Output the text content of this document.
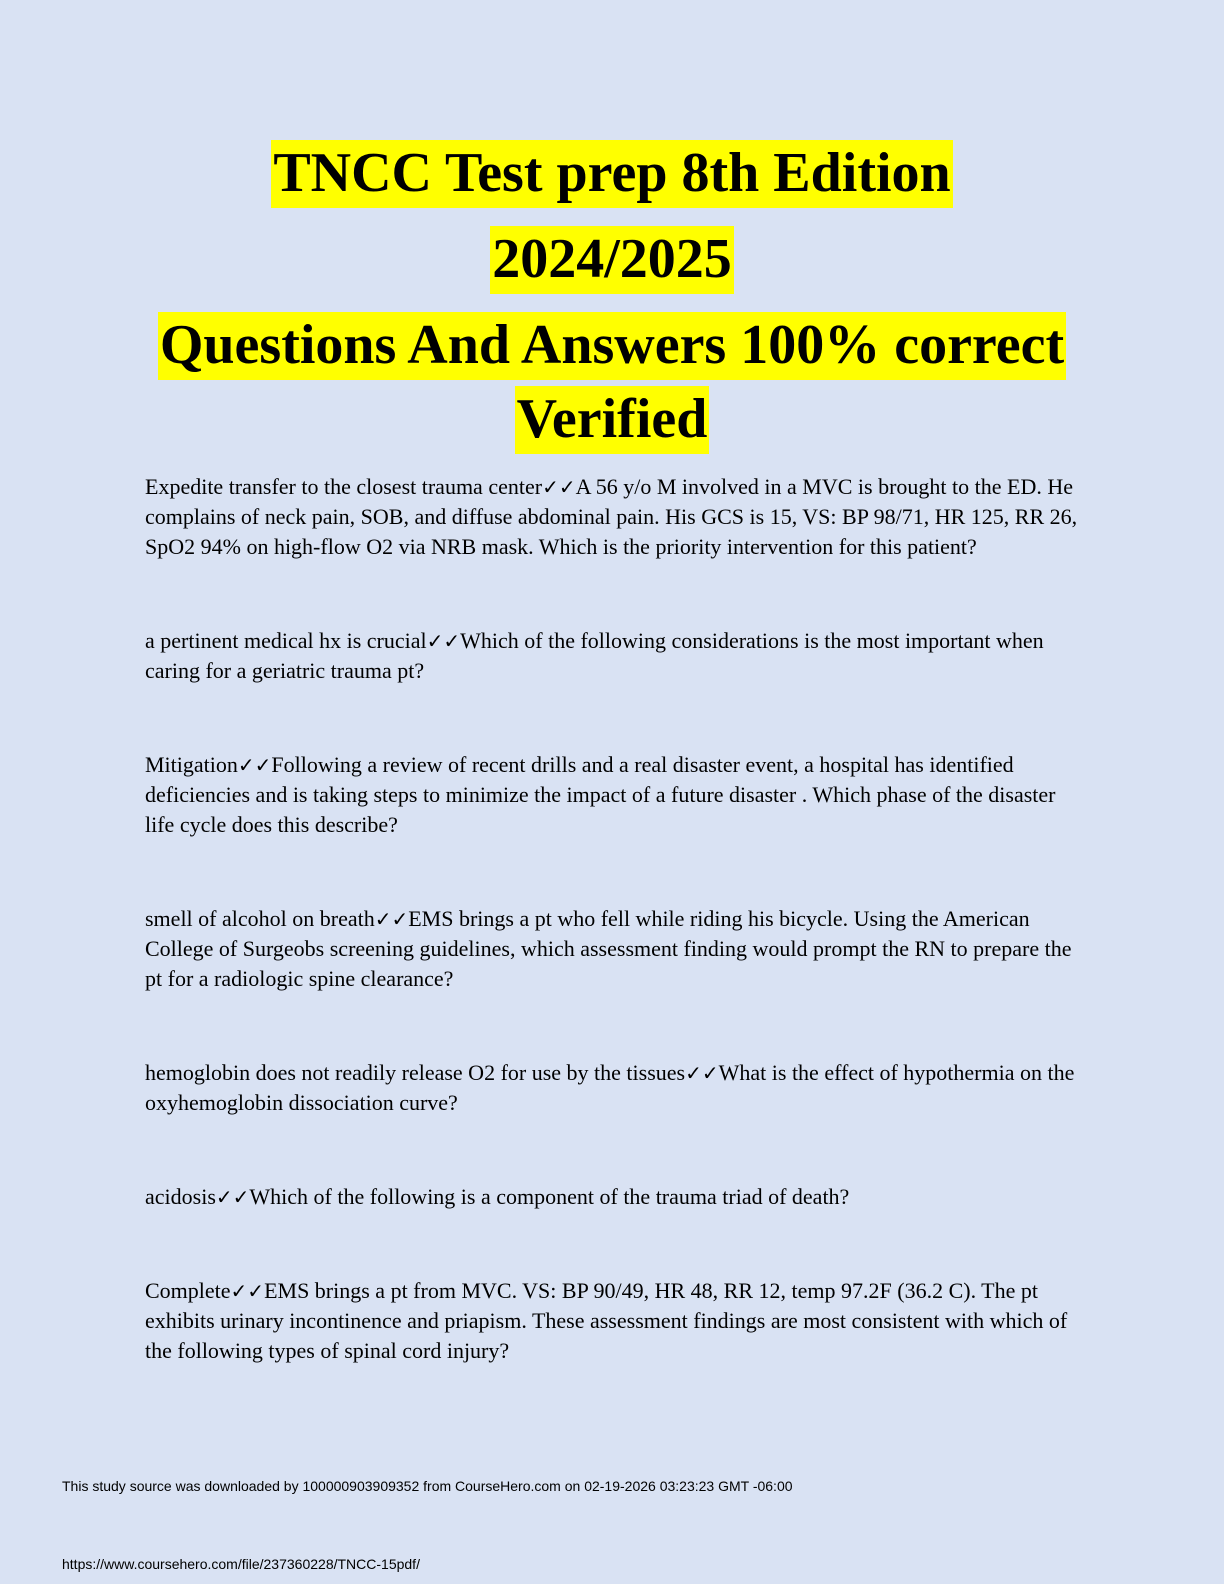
TNCC Test prep 8th Edition
2024/2025
Questions And Answers 100% correct
Verified

Expedite transfer to the closest trauma center✓✓A 56 y/o M involved in a MVC is brought to the ED. He complains of neck pain, SOB, and diffuse abdominal pain. His GCS is 15, VS: BP 98/71, HR 125, RR 26, SpO2 94% on high-flow O2 via NRB mask. Which is the priority intervention for this patient?

a pertinent medical hx is crucial✓✓Which of the following considerations is the most important when caring for a geriatric trauma pt?

Mitigation✓✓Following a review of recent drills and a real disaster event, a hospital has identified deficiencies and is taking steps to minimize the impact of a future disaster . Which phase of the disaster life cycle does this describe?

smell of alcohol on breath✓✓EMS brings a pt who fell while riding his bicycle. Using the American College of Surgeobs screening guidelines, which assessment finding would prompt the RN to prepare the pt for a radiologic spine clearance?

hemoglobin does not readily release O2 for use by the tissues✓✓What is the effect of hypothermia on the oxyhemoglobin dissociation curve?

acidosis✓✓Which of the following is a component of the trauma triad of death?

Complete✓✓EMS brings a pt from MVC. VS: BP 90/49, HR 48, RR 12, temp 97.2F (36.2 C). The pt exhibits urinary incontinence and priapism. These assessment findings are most consistent with which of the following types of spinal cord injury?

This study source was downloaded by 100000903909352 from CourseHero.com on 02-19-2026 03:23:23 GMT -06:00
https://www.coursehero.com/file/237360228/TNCC-15pdf/
